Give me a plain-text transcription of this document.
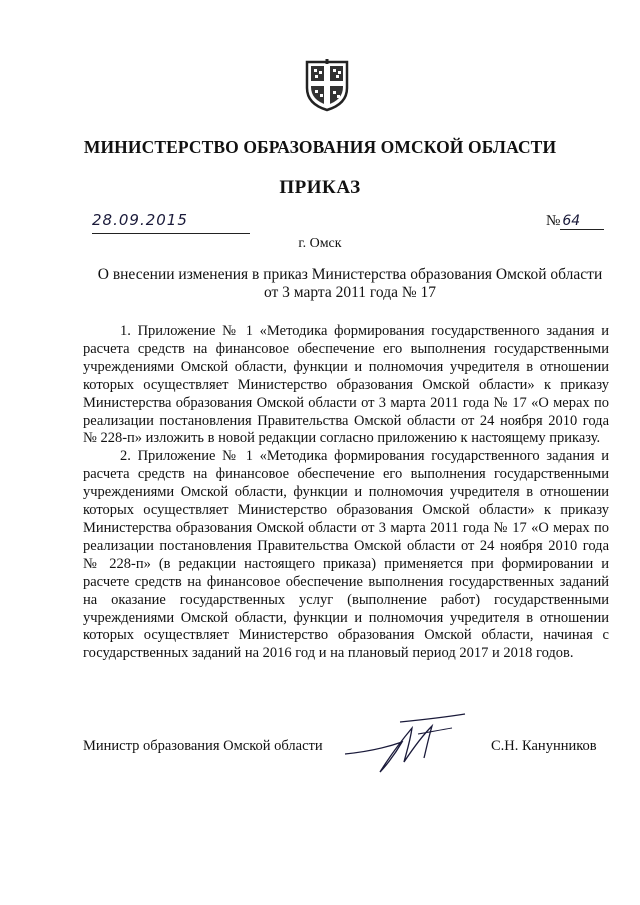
МИНИСТЕРСТВО ОБРАЗОВАНИЯ ОМСКОЙ ОБЛАСТИ
ПРИКАЗ
28.09.2015	№ 64
г. Омск
О внесении изменения в приказ Министерства образования Омской области
от 3 марта 2011 года № 17

1. Приложение № 1 «Методика формирования государственного задания и расчета средств на финансовое обеспечение его выполнения государственными учреждениями Омской области, функции и полномочия учредителя в отношении которых осуществляет Министерство образования Омской области» к приказу Министерства образования Омской области от 3 марта 2011 года № 17 «О мерах по реализации постановления Правительства Омской области от 24 ноября 2010 года № 228-п» изложить в новой редакции согласно приложению к настоящему приказу.

2. Приложение № 1 «Методика формирования государственного задания и расчета средств на финансовое обеспечение его выполнения государственными учреждениями Омской области, функции и полномочия учредителя в отношении которых осуществляет Министерство образования Омской области» к приказу Министерства образования Омской области от 3 марта 2011 года № 17 «О мерах по реализации постановления Правительства Омской области от 24 ноября 2010 года № 228-п» (в редакции настоящего приказа) применяется при формировании и расчете средств на финансовое обеспечение выполнения государственных заданий на оказание государственных услуг (выполнение работ) государственными учреждениями Омской области, функции и полномочия учредителя в отношении которых осуществляет Министерство образования Омской области, начиная с государственных заданий на 2016 год и на плановый период 2017 и 2018 годов.

Министр образования Омской области	С.Н. Канунников
